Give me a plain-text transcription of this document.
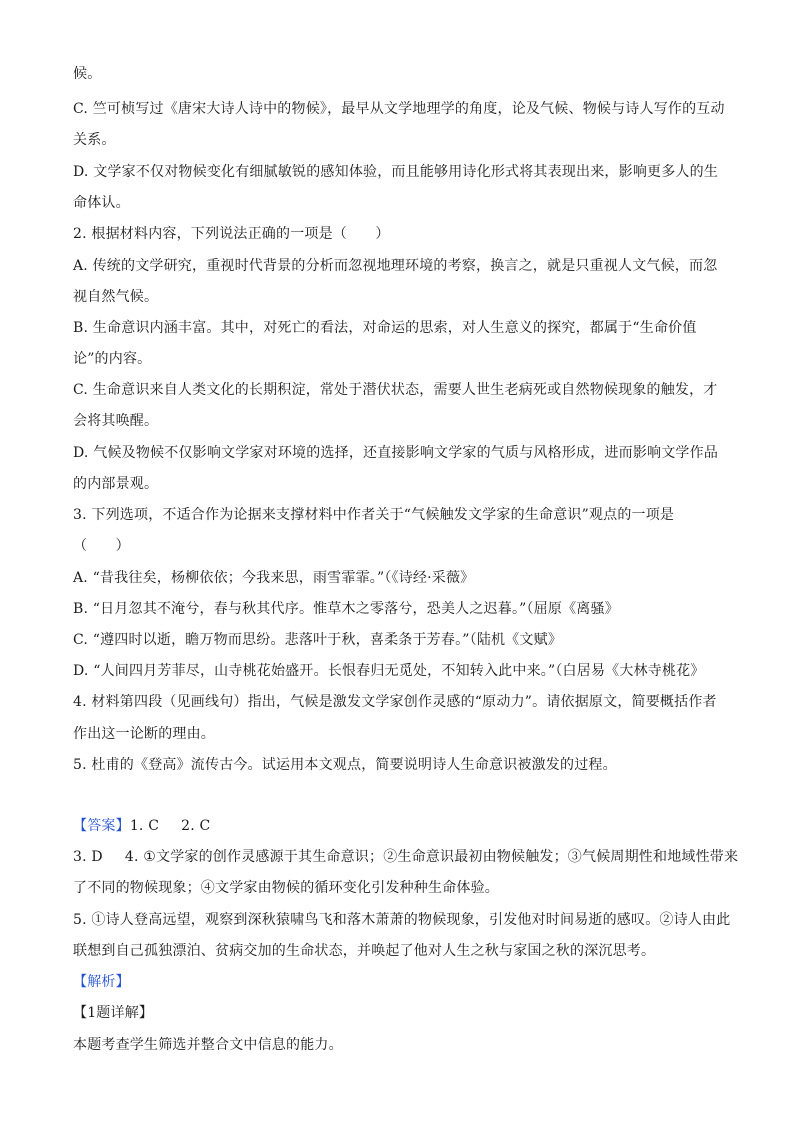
候。
C. 竺可桢写过《唐宋大诗人诗中的物候》，最早从文学地理学的角度，论及气候、物候与诗人写作的互动
关系。
D. 文学家不仅对物候变化有细腻敏锐的感知体验，而且能够用诗化形式将其表现出来，影响更多人的生
命体认。
2. 根据材料内容，下列说法正确的一项是（　　）
A. 传统的文学研究，重视时代背景的分析而忽视地理环境的考察，换言之，就是只重视人文气候，而忽
视自然气候。
B. 生命意识内涵丰富。其中，对死亡的看法，对命运的思索，对人生意义的探究，都属于“生命价值
论”的内容。
C. 生命意识来自人类文化的长期积淀，常处于潜伏状态，需要人世生老病死或自然物候现象的触发，才
会将其唤醒。
D. 气候及物候不仅影响文学家对环境的选择，还直接影响文学家的气质与风格形成，进而影响文学作品
的内部景观。
3. 下列选项，不适合作为论据来支撑材料中作者关于“气候触发文学家的生命意识”观点的一项是
（　　）
A. “昔我往矣，杨柳依依；今我来思，雨雪霏霏。”（《诗经·采薇》
B. “日月忽其不淹兮，春与秋其代序。惟草木之零落兮，恐美人之迟暮。”（屈原《离骚》
C. “遵四时以逝，瞻万物而思纷。悲落叶于秋，喜柔条于芳春。”（陆机《文赋》
D. “人间四月芳菲尽，山寺桃花始盛开。长恨春归无觅处，不知转入此中来。”（白居易《大林寺桃花》
4. 材料第四段（见画线句）指出，气候是激发文学家创作灵感的“原动力”。请依据原文，简要概括作者
作出这一论断的理由。
5. 杜甫的《登高》流传古今。试运用本文观点，简要说明诗人生命意识被激发的过程。
【答案】1. C 2. C
3. D 4. ①文学家的创作灵感源于其生命意识；②生命意识最初由物候触发；③气候周期性和地域性带来
了不同的物候现象；④文学家由物候的循环变化引发种种生命体验。
5. ①诗人登高远望，观察到深秋猿啸鸟飞和落木萧萧的物候现象，引发他对时间易逝的感叹。②诗人由此
联想到自己孤独漂泊、贫病交加的生命状态，并唤起了他对人生之秋与家国之秋的深沉思考。
【解析】
【1题详解】
本题考查学生筛选并整合文中信息的能力。
